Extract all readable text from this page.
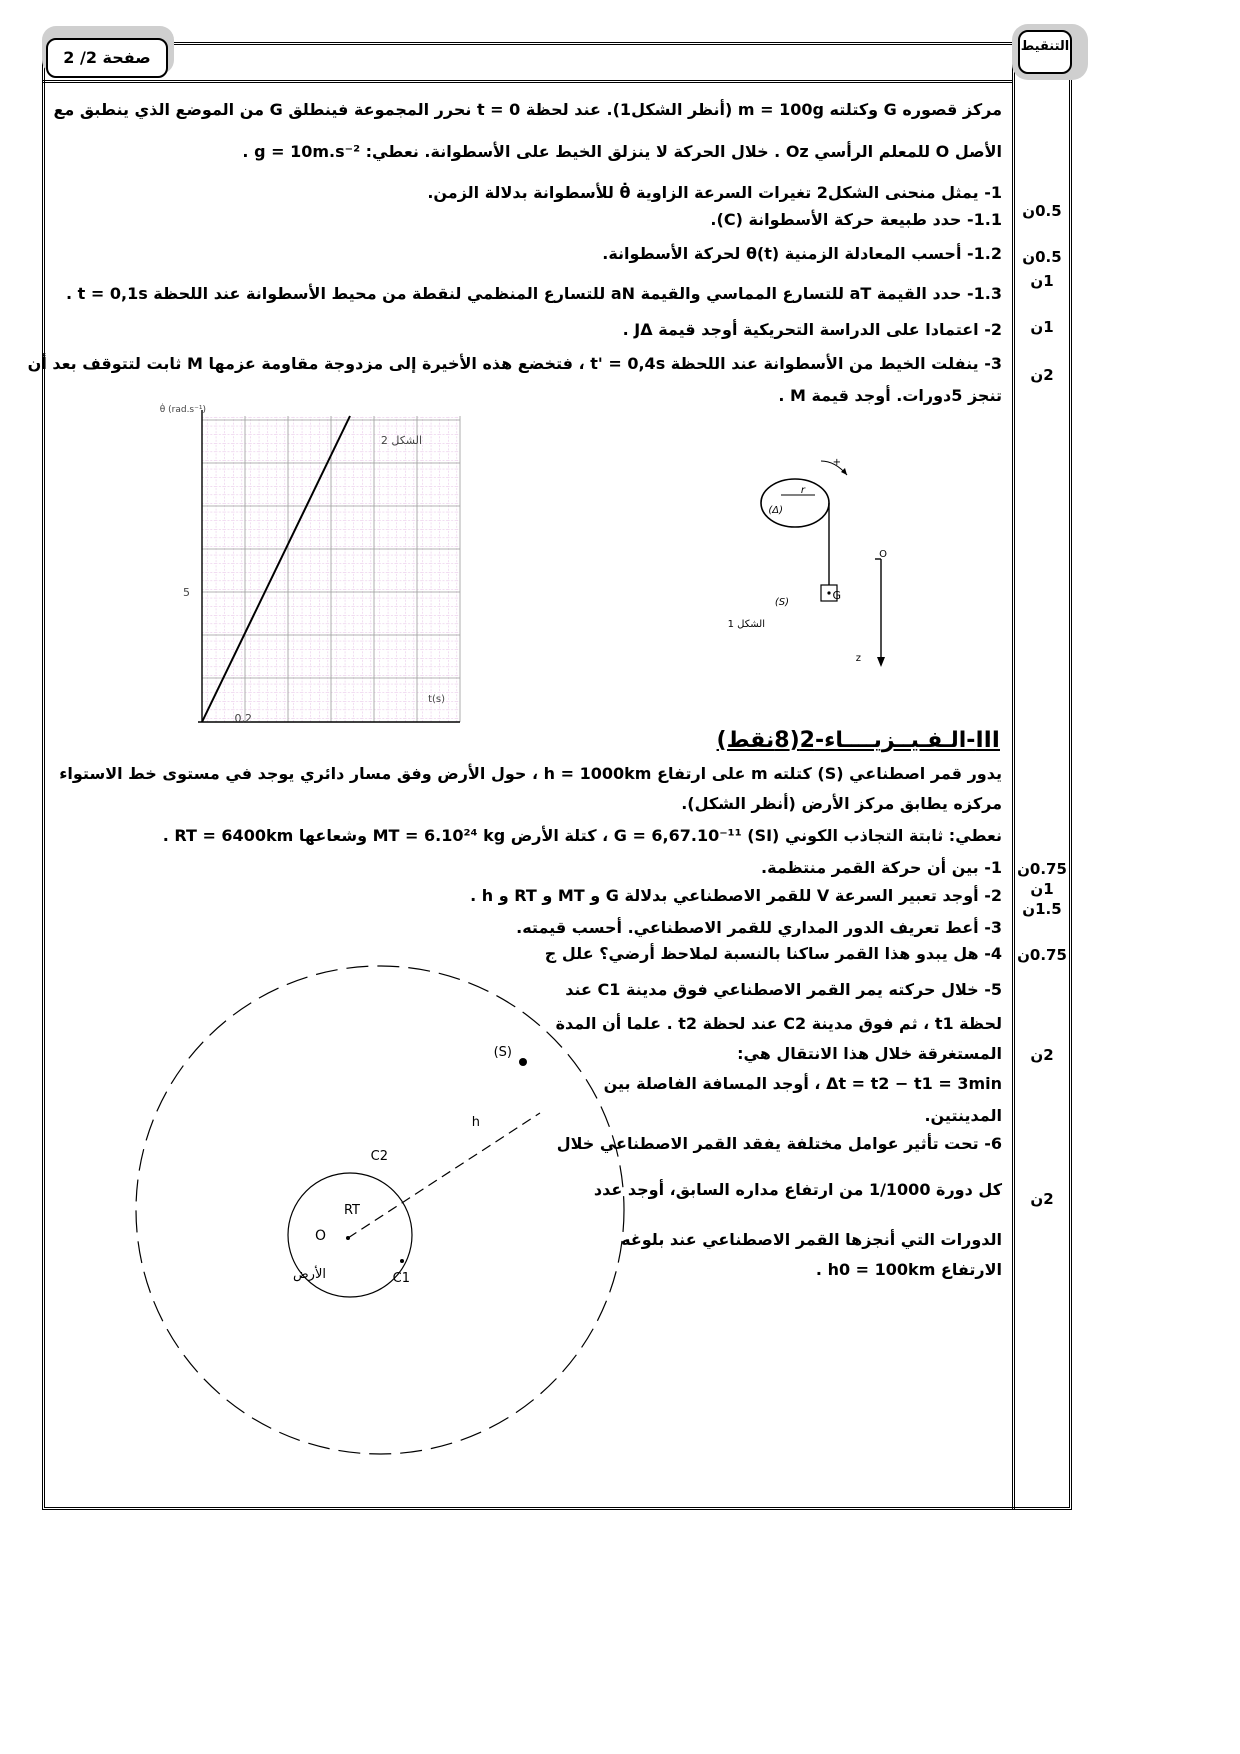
التنقيط
صفحة 2/ 2
مركز قصوره G وكتلته m = 100g (أنظر الشكل1). عند لحظة t = 0 نحرر المجموعة فينطلق G من الموضع الذي ينطبق مع
الأصل O للمعلم الرأسي Oz . خلال الحركة لا ينزلق الخيط على الأسطوانة. نعطي: g = 10m.s⁻² .
1- يمثل منحنى الشكل2 تغيرات السرعة الزاوية θ̇ للأسطوانة بدلالة الزمن.
1.1- حدد طبيعة حركة الأسطوانة (C).
1.2- أحسب المعادلة الزمنية θ(t) لحركة الأسطوانة.
1.3- حدد القيمة aT للتسارع المماسي والقيمة aN للتسارع المنظمي لنقطة من محيط الأسطوانة عند اللحظة t = 0,1s .
2- اعتمادا على الدراسة التحريكية أوجد قيمة JΔ .
3- ينفلت الخيط من الأسطوانة عند اللحظة t' = 0,4s ، فتخضع هذه الأخيرة إلى مزدوجة مقاومة عزمها M ثابت لتتوقف بعد أن
تنجز 5دورات. أوجد قيمة M .
0.5ن
0.5ن
1ن
1ن
2ن
θ̇ (rad.s⁻¹)
t(s)
الشكل 2
5
0,2
r
(Δ)
(S)
G
الشكل 1
+
O
z
III-الـفـيــزيــــاء-2(8نقط)
يدور قمر اصطناعي (S) كتلته m على ارتفاع h = 1000km ، حول الأرض وفق مسار دائري يوجد في مستوى خط الاستواء
مركزه يطابق مركز الأرض (أنظر الشكل).
نعطي: ثابتة التجاذب الكوني G = 6,67.10⁻¹¹ (SI) ، كتلة الأرض MT = 6.10²⁴ kg وشعاعها RT = 6400km .
1- بين أن حركة القمر منتظمة.
2- أوجد تعبير السرعة V للقمر الاصطناعي بدلالة G و MT و RT و h .
3- أعط تعريف الدور المداري للقمر الاصطناعي. أحسب قيمته.
4- هل يبدو هذا القمر ساكنا بالنسبة لملاحظ أرضي؟ علل ج
5- خلال حركته يمر القمر الاصطناعي فوق مدينة C1 عند
لحظة t1 ، ثم فوق مدينة C2 عند لحظة t2 . علما أن المدة
المستغرقة خلال هذا الانتقال هي:
Δt = t2 − t1 = 3min ، أوجد المسافة الفاصلة بين
المدينتين.
6- تحت تأثير عوامل مختلفة يفقد القمر الاصطناعي خلال
كل دورة 1/1000 من ارتفاع مداره السابق، أوجد عدد
الدورات التي أنجزها القمر الاصطناعي عند بلوغه
الارتفاع h0 = 100km .
0.75ن
1ن
1.5ن
0.75ن
2ن
2ن
(S)
h
C2
C1
RT
O
الأرض
